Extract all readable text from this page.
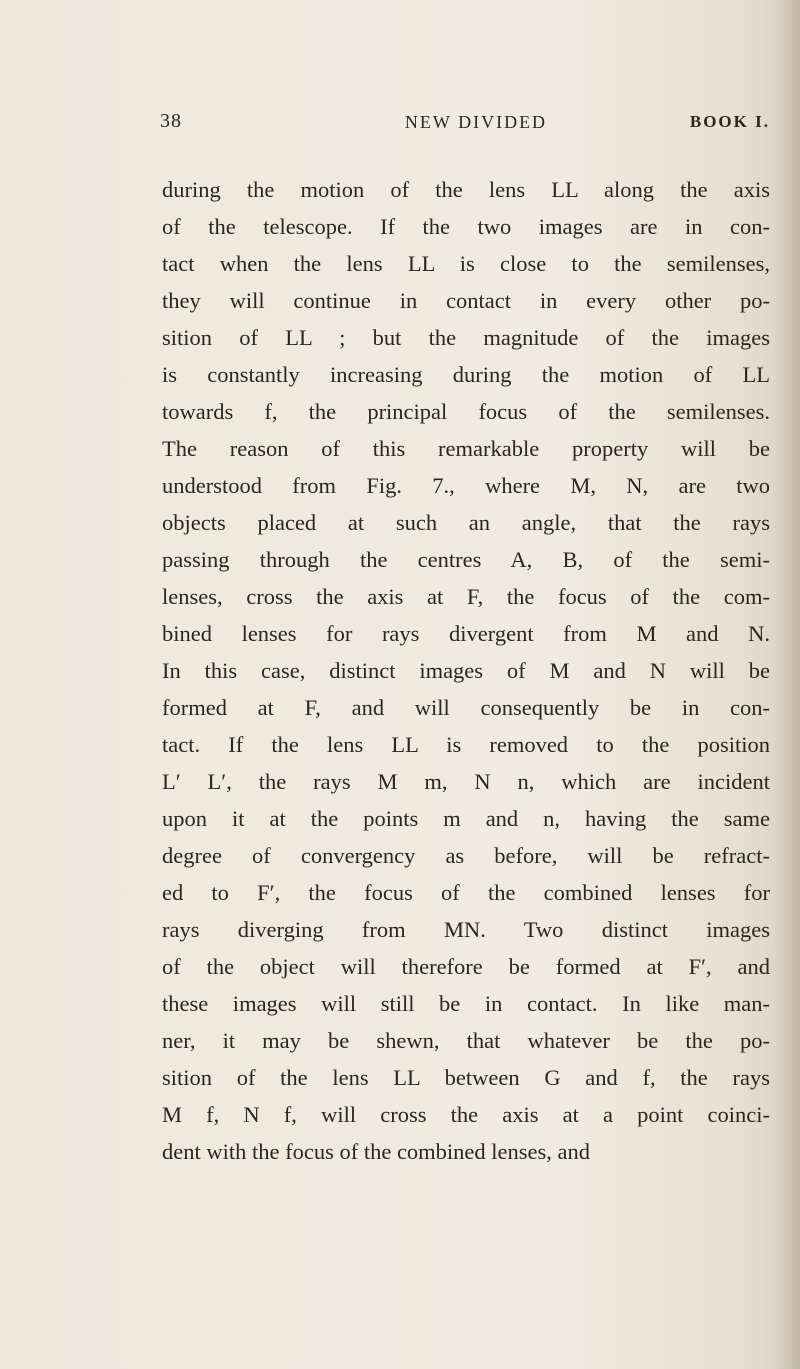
38	NEW DIVIDED	BOOK I.
during the motion of the lens LL along the axis
of the telescope. If the two images are in con-
tact when the lens LL is close to the semilenses,
they will continue in contact in every other po-
sition of LL ; but the magnitude of the images
is constantly increasing during the motion of LL
towards f, the principal focus of the semilenses.
The reason of this remarkable property will be
understood from Fig. 7., where M, N, are two
objects placed at such an angle, that the rays
passing through the centres A, B, of the semi-
lenses, cross the axis at F, the focus of the com-
bined lenses for rays divergent from M and N.
In this case, distinct images of M and N will be
formed at F, and will consequently be in con-
tact. If the lens LL is removed to the position
L′ L′, the rays M m, N n, which are incident
upon it at the points m and n, having the same
degree of convergency as before, will be refract-
ed to F′, the focus of the combined lenses for
rays diverging from MN. Two distinct images
of the object will therefore be formed at F′, and
these images will still be in contact. In like man-
ner, it may be shewn, that whatever be the po-
sition of the lens LL between G and f, the rays
M f, N f, will cross the axis at a point coinci-
dent with the focus of the combined lenses, and
